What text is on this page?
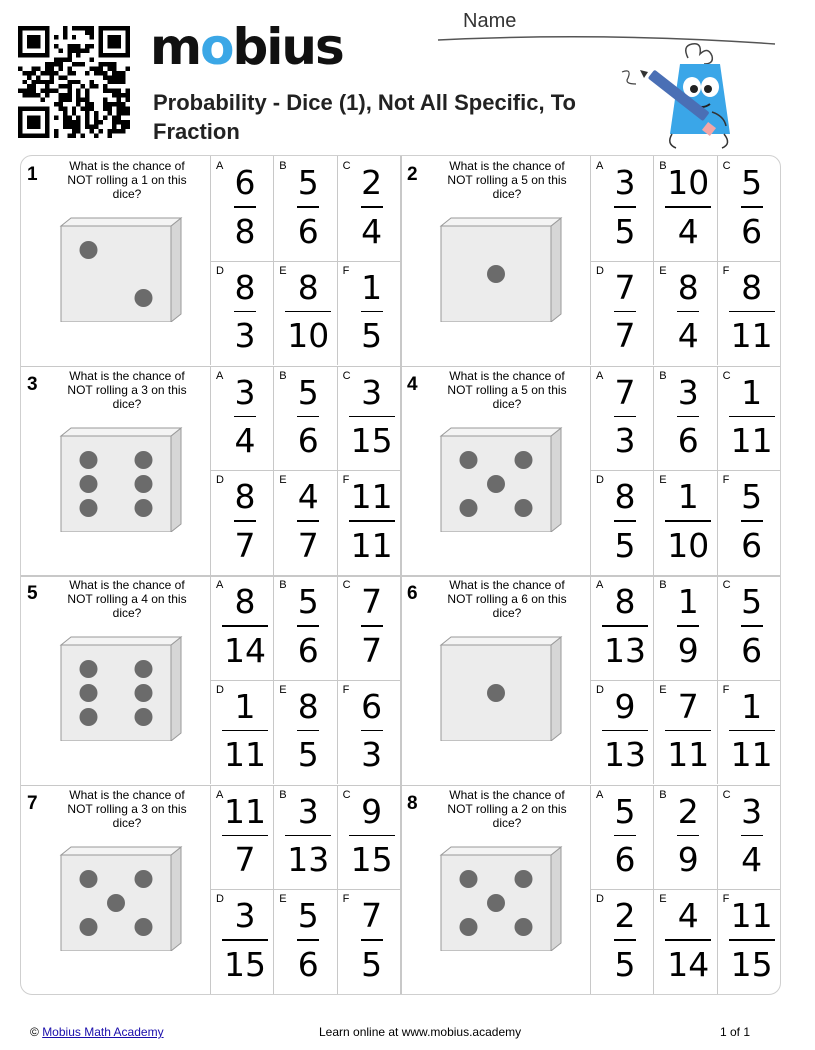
mobius
Probability - Dice (1), Not All Specific, To Fraction
Name
1	What is the chance of NOT rolling a 1 on this dice?
A 6
8
B 5
6
C 2
4
D 8
3
E 8
10
F 1
5
2	What is the chance of NOT rolling a 5 on this dice?
A 3
5
B 10
4
C 5
6
D 7
7
E 8
4
F 8
11
3	What is the chance of NOT rolling a 3 on this dice?
A 3
4
B 5
6
C 3
15
D 8
7
E 4
7
F 11
11
4	What is the chance of NOT rolling a 5 on this dice?
A 7
3
B 3
6
C 1
11
D 8
5
E 1
10
F 5
6
5	What is the chance of NOT rolling a 4 on this dice?
A 8
14
B 5
6
C 7
7
D 1
11
E 8
5
F 6
3
6	What is the chance of NOT rolling a 6 on this dice?
A 8
13
B 1
9
C 5
6
D 9
13
E 7
11
F 1
11
7	What is the chance of NOT rolling a 3 on this dice?
A 11
7
B 3
13
C 9
15
D 3
15
E 5
6
F 7
5
8	What is the chance of NOT rolling a 2 on this dice?
A 5
6
B 2
9
C 3
4
D 2
5
E 4
14
F 11
15
© Mobius Math Academy	Learn online at www.mobius.academy	1 of 1
